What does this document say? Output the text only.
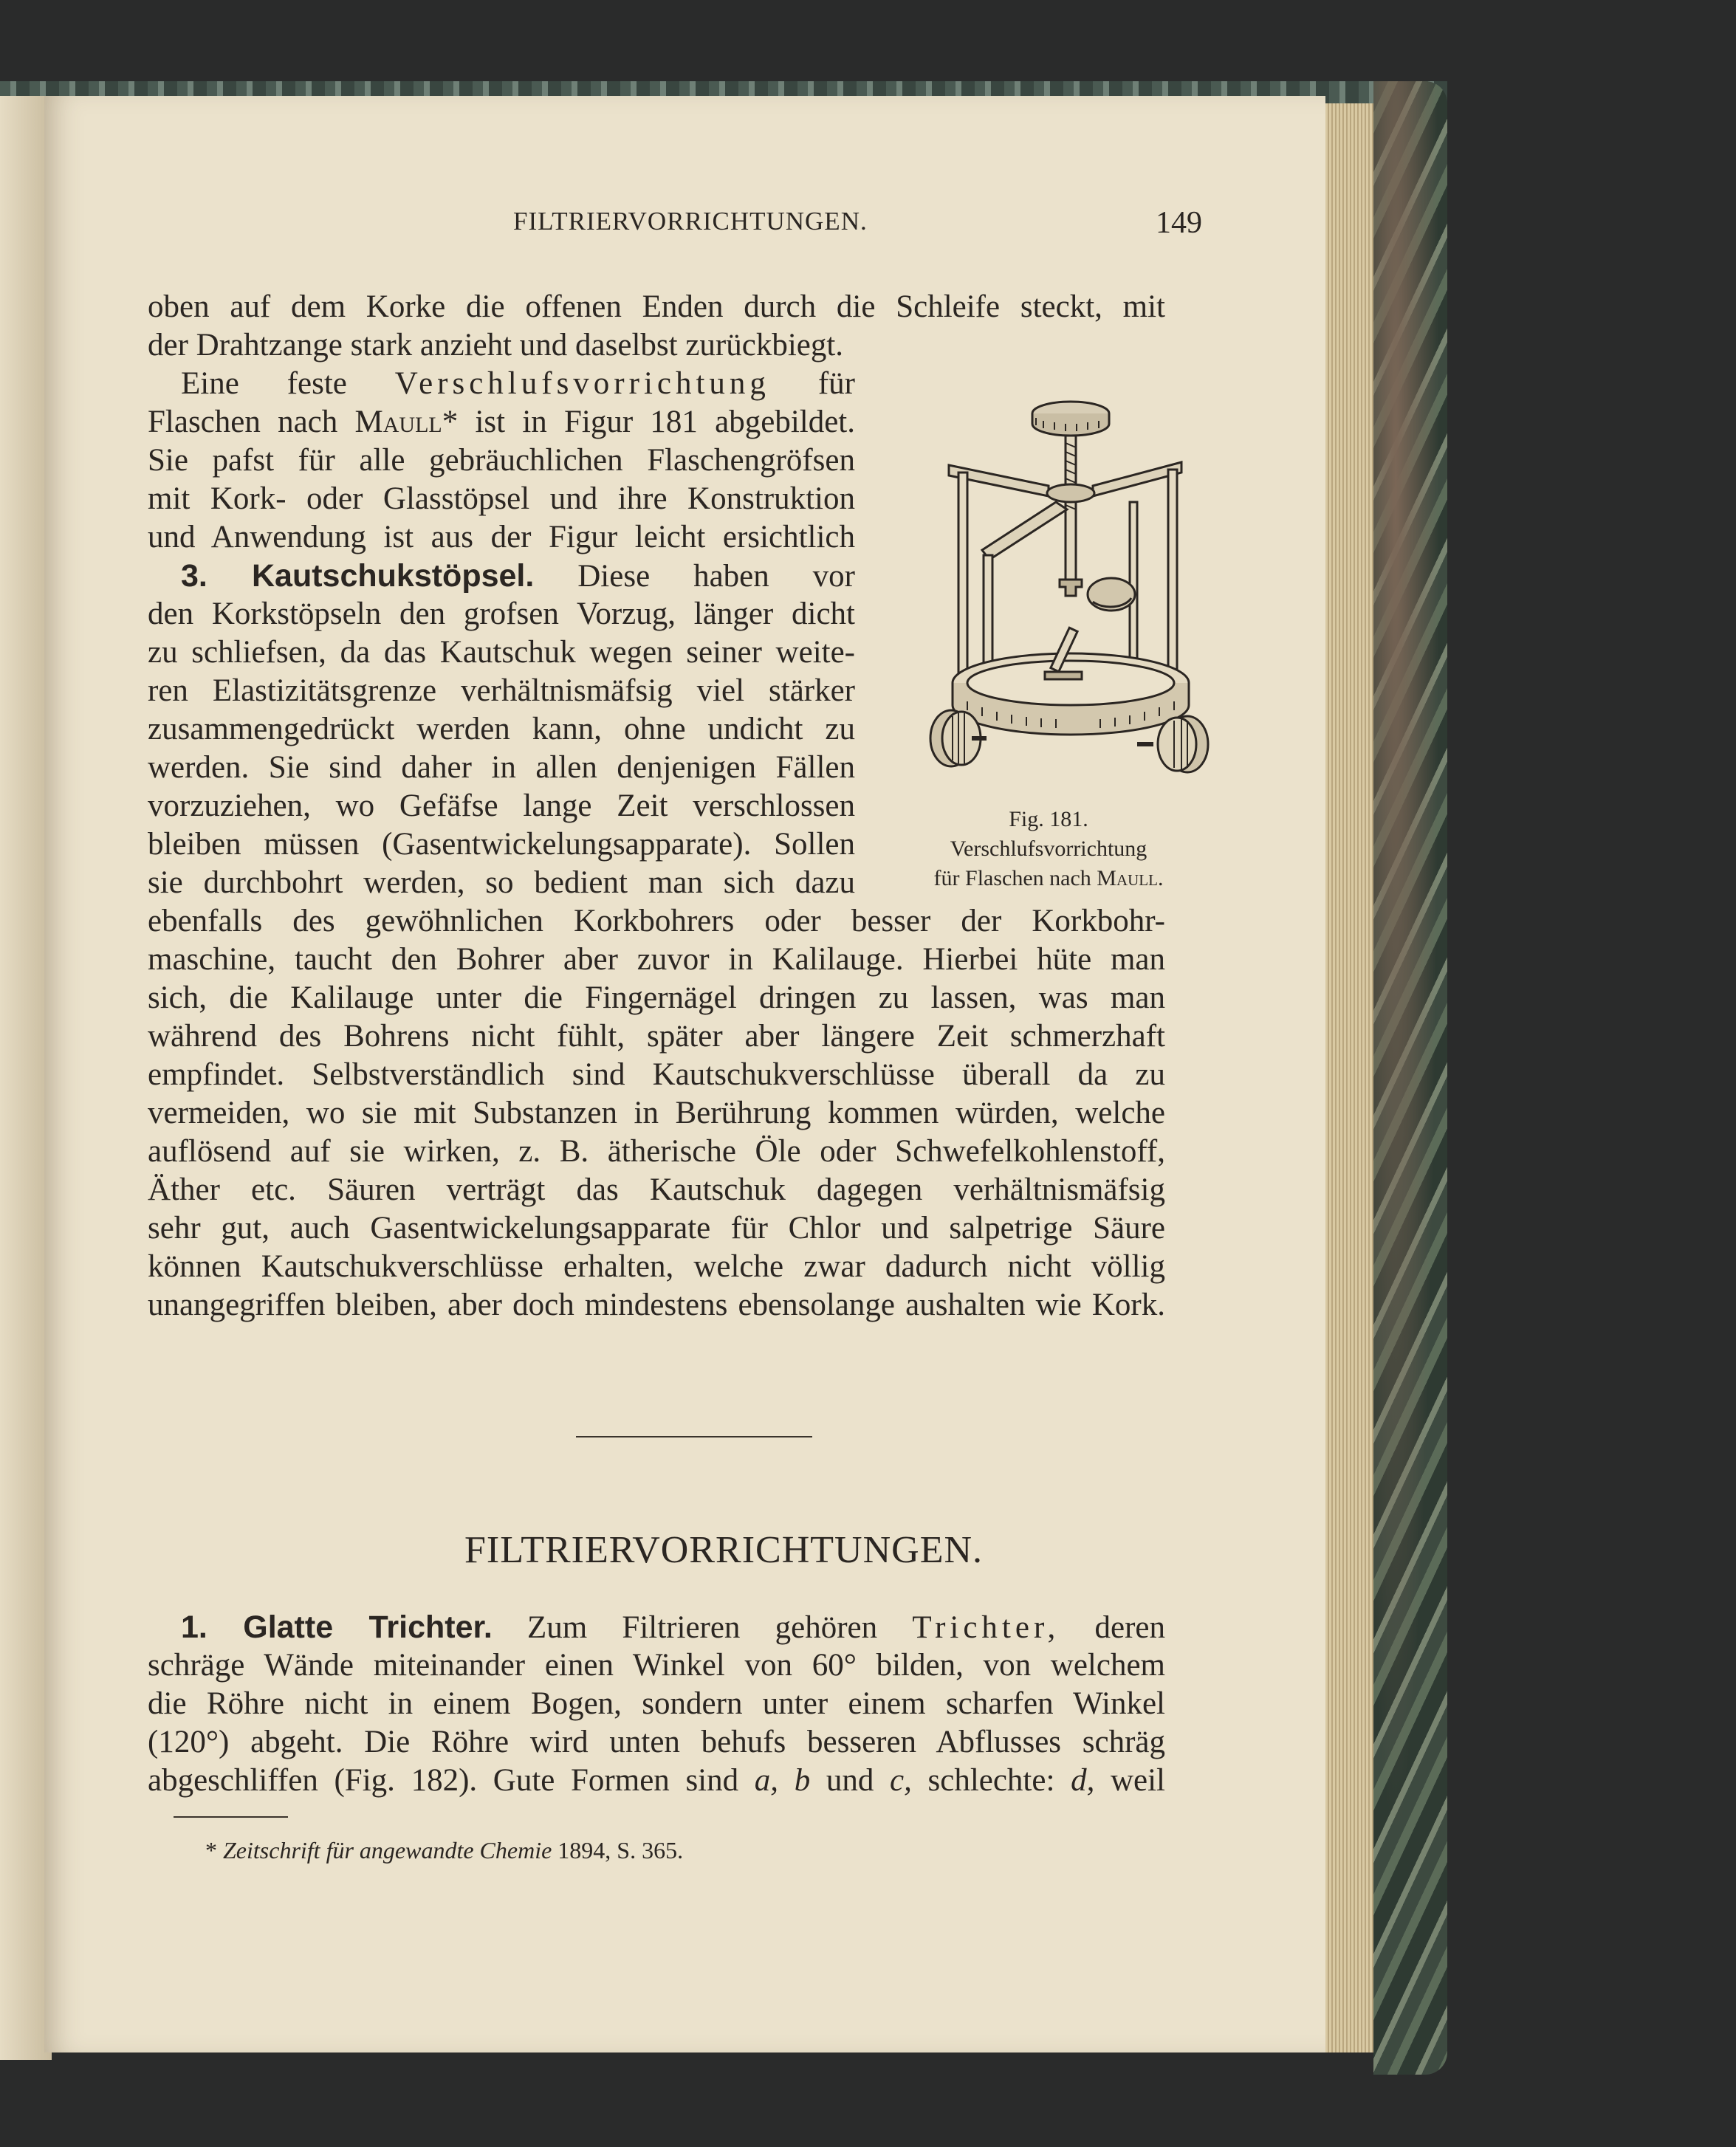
FILTRIERVORRICHTUNGEN.	149
oben auf dem Korke die offenen Enden durch die Schleife steckt, mit
der Drahtzange stark anzieht und daselbst zurückbiegt.
Eine feste Verschlufsvorrichtung für
Flaschen nach Maull* ist in Figur 181 abgebildet.
Sie pafst für alle gebräuchlichen Flaschengröfsen
mit Kork- oder Glasstöpsel und ihre Konstruktion
und Anwendung ist aus der Figur leicht ersichtlich
3. Kautschukstöpsel. Diese haben vor
den Korkstöpseln den grofsen Vorzug, länger dicht
zu schliefsen, da das Kautschuk wegen seiner weite-
ren Elastizitätsgrenze verhältnismäfsig viel stärker
zusammengedrückt werden kann, ohne undicht zu
werden. Sie sind daher in allen denjenigen Fällen
vorzuziehen, wo Gefäfse lange Zeit verschlossen
bleiben müssen (Gasentwickelungsapparate). Sollen
sie durchbohrt werden, so bedient man sich dazu
ebenfalls des gewöhnlichen Korkbohrers oder besser der Korkbohr-
maschine, taucht den Bohrer aber zuvor in Kalilauge. Hierbei hüte man
sich, die Kalilauge unter die Fingernägel dringen zu lassen, was man
während des Bohrens nicht fühlt, später aber längere Zeit schmerzhaft
empfindet. Selbstverständlich sind Kautschukverschlüsse überall da zu
vermeiden, wo sie mit Substanzen in Berührung kommen würden, welche
auflösend auf sie wirken, z. B. ätherische Öle oder Schwefelkohlenstoff,
Äther etc. Säuren verträgt das Kautschuk dagegen verhältnismäfsig
sehr gut, auch Gasentwickelungsapparate für Chlor und salpetrige Säure
können Kautschukverschlüsse erhalten, welche zwar dadurch nicht völlig
unangegriffen bleiben, aber doch mindestens ebensolange aushalten wie Kork.
Fig. 181.
Verschlufsvorrichtung
für Flaschen nach Maull.
FILTRIERVORRICHTUNGEN.
1. Glatte Trichter. Zum Filtrieren gehören Trichter, deren
schräge Wände miteinander einen Winkel von 60° bilden, von welchem
die Röhre nicht in einem Bogen, sondern unter einem scharfen Winkel
(120°) abgeht. Die Röhre wird unten behufs besseren Abflusses schräg
abgeschliffen (Fig. 182). Gute Formen sind a, b und c, schlechte: d, weil
* Zeitschrift für angewandte Chemie 1894, S. 365.
